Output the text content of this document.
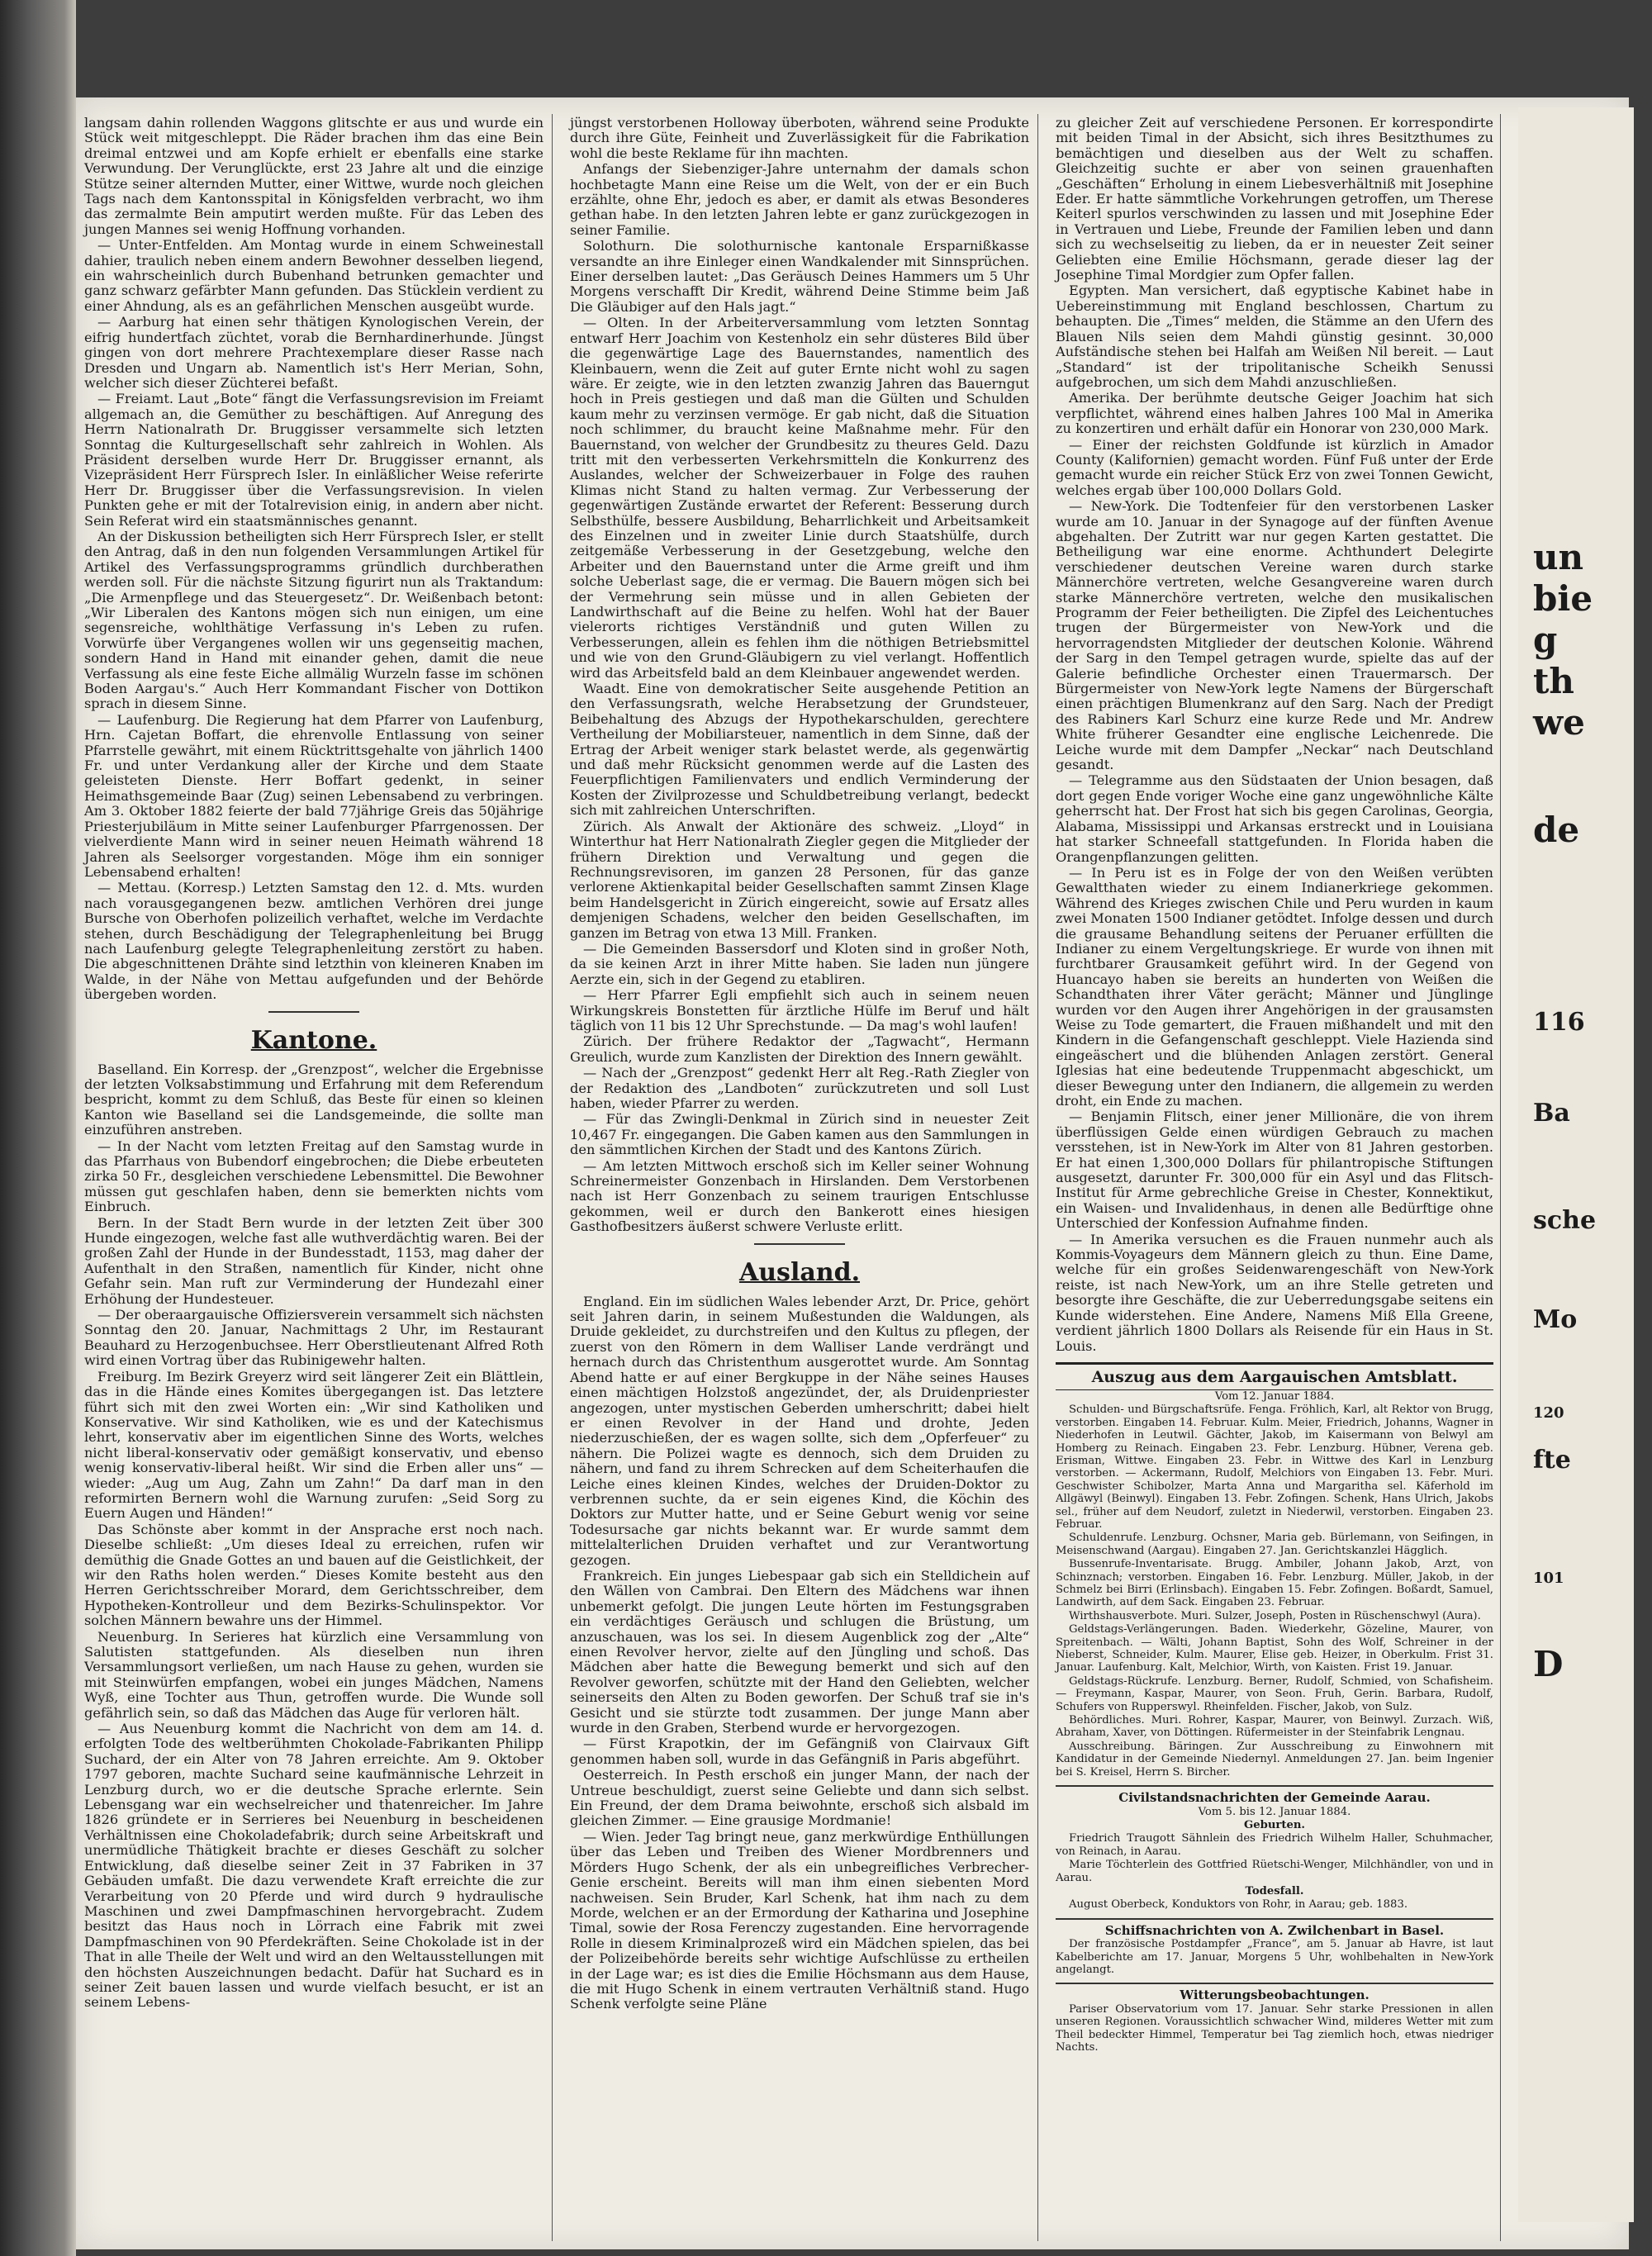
langsam dahin rollenden Waggons glitschte er aus und wurde ein Stück weit mitgeschleppt. Die Räder brachen ihm das eine Bein dreimal entzwei und am Kopfe erhielt er ebenfalls eine starke Verwundung. Der Verunglückte, erst 23 Jahre alt und die einzige Stütze seiner alternden Mutter, einer Wittwe, wurde noch gleichen Tags nach dem Kantonsspital in Königsfelden verbracht, wo ihm das zermalmte Bein amputirt werden mußte. Für das Leben des jungen Mannes sei wenig Hoffnung vorhanden.

— Unter-Entfelden. Am Montag wurde in einem Schweinestall dahier, traulich neben einem andern Bewohner desselben liegend, ein wahrscheinlich durch Bubenhand betrunken gemachter und ganz schwarz gefärbter Mann gefunden. Das Stücklein verdient zu einer Ahndung, als es an gefährlichen Menschen ausgeübt wurde.

— Aarburg hat einen sehr thätigen Kynologischen Verein, der eifrig hundertfach züchtet, vorab die Bernhardinerhunde. Jüngst gingen von dort mehrere Prachtexemplare dieser Rasse nach Dresden und Ungarn ab. Namentlich ist's Herr Merian, Sohn, welcher sich dieser Züchterei befaßt.

— Freiamt. Laut „Bote“ fängt die Verfassungsrevision im Freiamt allgemach an, die Gemüther zu beschäftigen. Auf Anregung des Herrn Nationalrath Dr. Bruggisser versammelte sich letzten Sonntag die Kulturgesellschaft sehr zahlreich in Wohlen. Als Präsident derselben wurde Herr Dr. Bruggisser ernannt, als Vizepräsident Herr Fürsprech Isler. In einläßlicher Weise referirte Herr Dr. Bruggisser über die Verfassungsrevision. In vielen Punkten gehe er mit der Totalrevision einig, in andern aber nicht. Sein Referat wird ein staatsmännisches genannt.

An der Diskussion betheiligten sich Herr Fürsprech Isler, er stellt den Antrag, daß in den nun folgenden Versammlungen Artikel für Artikel des Verfassungsprogramms gründlich durchberathen werden soll. Für die nächste Sitzung figurirt nun als Traktandum: „Die Armenpflege und das Steuergesetz“. Dr. Weißenbach betont: „Wir Liberalen des Kantons mögen sich nun einigen, um eine segensreiche, wohlthätige Verfassung in's Leben zu rufen. Vorwürfe über Vergangenes wollen wir uns gegenseitig machen, sondern Hand in Hand mit einander gehen, damit die neue Verfassung als eine feste Eiche allmälig Wurzeln fasse im schönen Boden Aargau's.“ Auch Herr Kommandant Fischer von Dottikon sprach in diesem Sinne.

— Laufenburg. Die Regierung hat dem Pfarrer von Laufenburg, Hrn. Cajetan Boffart, die ehrenvolle Entlassung von seiner Pfarrstelle gewährt, mit einem Rücktrittsgehalte von jährlich 1400 Fr. und unter Verdankung aller der Kirche und dem Staate geleisteten Dienste. Herr Boffart gedenkt, in seiner Heimathsgemeinde Baar (Zug) seinen Lebensabend zu verbringen. Am 3. Oktober 1882 feierte der bald 77jährige Greis das 50jährige Priesterjubiläum in Mitte seiner Laufenburger Pfarrgenossen. Der vielverdiente Mann wird in seiner neuen Heimath während 18 Jahren als Seelsorger vorgestanden. Möge ihm ein sonniger Lebensabend erhalten!

— Mettau. (Korresp.) Letzten Samstag den 12. d. Mts. wurden nach vorausgegangenen bezw. amtlichen Verhören drei junge Bursche von Oberhofen polizeilich verhaftet, welche im Verdachte stehen, durch Beschädigung der Telegraphenleitung bei Brugg nach Laufenburg gelegte Telegraphenleitung zerstört zu haben. Die abgeschnittenen Drähte sind letzthin von kleineren Knaben im Walde, in der Nähe von Mettau aufgefunden und der Behörde übergeben worden.

Kantone.

Baselland. Ein Korresp. der „Grenzpost“, welcher die Ergebnisse der letzten Volksabstimmung und Erfahrung mit dem Referendum bespricht, kommt zu dem Schluß, das Beste für einen so kleinen Kanton wie Baselland sei die Landsgemeinde, die sollte man einzuführen anstreben.

— In der Nacht vom letzten Freitag auf den Samstag wurde in das Pfarrhaus von Bubendorf eingebrochen; die Diebe erbeuteten zirka 50 Fr., desgleichen verschiedene Lebensmittel. Die Bewohner müssen gut geschlafen haben, denn sie bemerkten nichts vom Einbruch.

Bern. In der Stadt Bern wurde in der letzten Zeit über 300 Hunde eingezogen, welche fast alle wuthverdächtig waren. Bei der großen Zahl der Hunde in der Bundesstadt, 1153, mag daher der Aufenthalt in den Straßen, namentlich für Kinder, nicht ohne Gefahr sein. Man ruft zur Verminderung der Hundezahl einer Erhöhung der Hundesteuer.

— Der oberaargauische Offiziersverein versammelt sich nächsten Sonntag den 20. Januar, Nachmittags 2 Uhr, im Restaurant Beauhard zu Herzogenbuchsee. Herr Oberstlieutenant Alfred Roth wird einen Vortrag über das Rubinigewehr halten.

Freiburg. Im Bezirk Greyerz wird seit längerer Zeit ein Blättlein, das in die Hände eines Komites übergegangen ist. Das letztere führt sich mit den zwei Worten ein: „Wir sind Katholiken und Konservative. Wir sind Katholiken, wie es und der Katechismus lehrt, konservativ aber im eigentlichen Sinne des Worts, welches nicht liberal-konservativ oder gemäßigt konservativ, und ebenso wenig konservativ-liberal heißt. Wir sind die Erben aller uns“ — wieder: „Aug um Aug, Zahn um Zahn!“ Da darf man in den reformirten Bernern wohl die Warnung zurufen: „Seid Sorg zu Euern Augen und Händen!“

Das Schönste aber kommt in der Ansprache erst noch nach. Dieselbe schließt: „Um dieses Ideal zu erreichen, rufen wir demüthig die Gnade Gottes an und bauen auf die Geistlichkeit, der wir den Raths holen werden.“ Dieses Komite besteht aus den Herren Gerichtsschreiber Morard, dem Gerichtsschreiber, dem Hypotheken-Kontrolleur und dem Bezirks-Schulinspektor. Vor solchen Männern bewahre uns der Himmel.

Neuenburg. In Serieres hat kürzlich eine Versammlung von Salutisten stattgefunden. Als dieselben nun ihren Versammlungsort verließen, um nach Hause zu gehen, wurden sie mit Steinwürfen empfangen, wobei ein junges Mädchen, Namens Wyß, eine Tochter aus Thun, getroffen wurde. Die Wunde soll gefährlich sein, so daß das Mädchen das Auge für verloren hält.

— Aus Neuenburg kommt die Nachricht von dem am 14. d. erfolgten Tode des weltberühmten Chokolade-Fabrikanten Philipp Suchard, der ein Alter von 78 Jahren erreichte. Am 9. Oktober 1797 geboren, machte Suchard seine kaufmännische Lehrzeit in Lenzburg durch, wo er die deutsche Sprache erlernte. Sein Lebensgang war ein wechselreicher und thatenreicher. Im Jahre 1826 gründete er in Serrieres bei Neuenburg in bescheidenen Verhältnissen eine Chokoladefabrik; durch seine Arbeitskraft und unermüdliche Thätigkeit brachte er dieses Geschäft zu solcher Entwicklung, daß dieselbe seiner Zeit in 37 Fabriken in 37 Gebäuden umfaßt. Die dazu verwendete Kraft erreichte die zur Verarbeitung von 20 Pferde und wird durch 9 hydraulische Maschinen und zwei Dampfmaschinen hervorgebracht. Zudem besitzt das Haus noch in Lörrach eine Fabrik mit zwei Dampfmaschinen von 90 Pferdekräften. Seine Chokolade ist in der That in alle Theile der Welt und wird an den Weltausstellungen mit den höchsten Auszeichnungen bedacht. Dafür hat Suchard es in seiner Zeit bauen lassen und wurde vielfach besucht, er ist an seinem Lebens-

jüngst verstorbenen Holloway überboten, während seine Produkte durch ihre Güte, Feinheit und Zuverlässigkeit für die Fabrikation wohl die beste Reklame für ihn machten.

Anfangs der Siebenziger-Jahre unternahm der damals schon hochbetagte Mann eine Reise um die Welt, von der er ein Buch erzählte, ohne Ehr, jedoch es aber, er damit als etwas Besonderes gethan habe. In den letzten Jahren lebte er ganz zurückgezogen in seiner Familie.

Solothurn. Die solothurnische kantonale Ersparnißkasse versandte an ihre Einleger einen Wandkalender mit Sinnsprüchen. Einer derselben lautet: „Das Geräusch Deines Hammers um 5 Uhr Morgens verschafft Dir Kredit, während Deine Stimme beim Jaß Die Gläubiger auf den Hals jagt.“

— Olten. In der Arbeiterversammlung vom letzten Sonntag entwarf Herr Joachim von Kestenholz ein sehr düsteres Bild über die gegenwärtige Lage des Bauernstandes, namentlich des Kleinbauern, wenn die Zeit auf guter Ernte nicht wohl zu sagen wäre. Er zeigte, wie in den letzten zwanzig Jahren das Bauerngut hoch in Preis gestiegen und daß man die Gülten und Schulden kaum mehr zu verzinsen vermöge. Er gab nicht, daß die Situation noch schlimmer, du braucht keine Maßnahme mehr. Für den Bauernstand, von welcher der Grundbesitz zu theures Geld. Dazu tritt mit den verbesserten Verkehrsmitteln die Konkurrenz des Auslandes, welcher der Schweizerbauer in Folge des rauhen Klimas nicht Stand zu halten vermag. Zur Verbesserung der gegenwärtigen Zustände erwartet der Referent: Besserung durch Selbsthülfe, bessere Ausbildung, Beharrlichkeit und Arbeitsamkeit des Einzelnen und in zweiter Linie durch Staatshülfe, durch zeitgemäße Verbesserung in der Gesetzgebung, welche den Arbeiter und den Bauernstand unter die Arme greift und ihm solche Ueberlast sage, die er vermag. Die Bauern mögen sich bei der Vermehrung sein müsse und in allen Gebieten der Landwirthschaft auf die Beine zu helfen. Wohl hat der Bauer vielerorts richtiges Verständniß und guten Willen zu Verbesserungen, allein es fehlen ihm die nöthigen Betriebsmittel und wie von den Grund-Gläubigern zu viel verlangt. Hoffentlich wird das Arbeitsfeld bald an dem Kleinbauer angewendet werden.

Waadt. Eine von demokratischer Seite ausgehende Petition an den Verfassungsrath, welche Herabsetzung der Grundsteuer, Beibehaltung des Abzugs der Hypothekarschulden, gerechtere Vertheilung der Mobiliarsteuer, namentlich in dem Sinne, daß der Ertrag der Arbeit weniger stark belastet werde, als gegenwärtig und daß mehr Rücksicht genommen werde auf die Lasten des Feuerpflichtigen Familienvaters und endlich Verminderung der Kosten der Zivilprozesse und Schuldbetreibung verlangt, bedeckt sich mit zahlreichen Unterschriften.

Zürich. Als Anwalt der Aktionäre des schweiz. „Lloyd“ in Winterthur hat Herr Nationalrath Ziegler gegen die Mitglieder der frühern Direktion und Verwaltung und gegen die Rechnungsrevisoren, im ganzen 28 Personen, für das ganze verlorene Aktienkapital beider Gesellschaften sammt Zinsen Klage beim Handelsgericht in Zürich eingereicht, sowie auf Ersatz alles demjenigen Schadens, welcher den beiden Gesellschaften, im ganzen im Betrag von etwa 13 Mill. Franken.

— Die Gemeinden Bassersdorf und Kloten sind in großer Noth, da sie keinen Arzt in ihrer Mitte haben. Sie laden nun jüngere Aerzte ein, sich in der Gegend zu etabliren.

— Herr Pfarrer Egli empfiehlt sich auch in seinem neuen Wirkungskreis Bonstetten für ärztliche Hülfe im Beruf und hält täglich von 11 bis 12 Uhr Sprechstunde. — Da mag's wohl laufen!

Zürich. Der frühere Redaktor der „Tagwacht“, Hermann Greulich, wurde zum Kanzlisten der Direktion des Innern gewählt.

— Nach der „Grenzpost“ gedenkt Herr alt Reg.-Rath Ziegler von der Redaktion des „Landboten“ zurückzutreten und soll Lust haben, wieder Pfarrer zu werden.

— Für das Zwingli-Denkmal in Zürich sind in neuester Zeit 10,467 Fr. eingegangen. Die Gaben kamen aus den Sammlungen in den sämmtlichen Kirchen der Stadt und des Kantons Zürich.

— Am letzten Mittwoch erschoß sich im Keller seiner Wohnung Schreinermeister Gonzenbach in Hirslanden. Dem Verstorbenen nach ist Herr Gonzenbach zu seinem traurigen Entschlusse gekommen, weil er durch den Bankerott eines hiesigen Gasthofbesitzers äußerst schwere Verluste erlitt.

Ausland.

England. Ein im südlichen Wales lebender Arzt, Dr. Price, gehört seit Jahren darin, in seinem Mußestunden die Waldungen, als Druide gekleidet, zu durchstreifen und den Kultus zu pflegen, der zuerst von den Römern in dem Walliser Lande verdrängt und hernach durch das Christenthum ausgerottet wurde. Am Sonntag Abend hatte er auf einer Bergkuppe in der Nähe seines Hauses einen mächtigen Holzstoß angezündet, der, als Druidenpriester angezogen, unter mystischen Geberden umherschritt; dabei hielt er einen Revolver in der Hand und drohte, Jeden niederzuschießen, der es wagen sollte, sich dem „Opferfeuer“ zu nähern. Die Polizei wagte es dennoch, sich dem Druiden zu nähern, und fand zu ihrem Schrecken auf dem Scheiterhaufen die Leiche eines kleinen Kindes, welches der Druiden-Doktor zu verbrennen suchte, da er sein eigenes Kind, die Köchin des Doktors zur Mutter hatte, und er Seine Geburt wenig vor seine Todesursache gar nichts bekannt war. Er wurde sammt dem mittelalterlichen Druiden verhaftet und zur Verantwortung gezogen.

Frankreich. Ein junges Liebespaar gab sich ein Stelldichein auf den Wällen von Cambrai. Den Eltern des Mädchens war ihnen unbemerkt gefolgt. Die jungen Leute hörten im Festungsgraben ein verdächtiges Geräusch und schlugen die Brüstung, um anzuschauen, was los sei. In diesem Augenblick zog der „Alte“ einen Revolver hervor, zielte auf den Jüngling und schoß. Das Mädchen aber hatte die Bewegung bemerkt und sich auf den Revolver geworfen, schützte mit der Hand den Geliebten, welcher seinerseits den Alten zu Boden geworfen. Der Schuß traf sie in's Gesicht und sie stürzte todt zusammen. Der junge Mann aber wurde in den Graben, Sterbend wurde er hervorgezogen.

— Fürst Krapotkin, der im Gefängniß von Clairvaux Gift genommen haben soll, wurde in das Gefängniß in Paris abgeführt.

Oesterreich. In Pesth erschoß ein junger Mann, der nach der Untreue beschuldigt, zuerst seine Geliebte und dann sich selbst. Ein Freund, der dem Drama beiwohnte, erschoß sich alsbald im gleichen Zimmer. — Eine grausige Mordmanie!

— Wien. Jeder Tag bringt neue, ganz merkwürdige Enthüllungen über das Leben und Treiben des Wiener Mordbrenners und Mörders Hugo Schenk, der als ein unbegreifliches Verbrecher-Genie erscheint. Bereits will man ihm einen siebenten Mord nachweisen. Sein Bruder, Karl Schenk, hat ihm nach zu dem Morde, welchen er an der Ermordung der Katharina und Josephine Timal, sowie der Rosa Ferenczy zugestanden. Eine hervorragende Rolle in diesem Kriminalprozeß wird ein Mädchen spielen, das bei der Polizeibehörde bereits sehr wichtige Aufschlüsse zu ertheilen in der Lage war; es ist dies die Emilie Höchsmann aus dem Hause, die mit Hugo Schenk in einem vertrauten Verhältniß stand. Hugo Schenk verfolgte seine Pläne

zu gleicher Zeit auf verschiedene Personen. Er korrespondirte mit beiden Timal in der Absicht, sich ihres Besitzthumes zu bemächtigen und dieselben aus der Welt zu schaffen. Gleichzeitig suchte er aber von seinen grauenhaften „Geschäften“ Erholung in einem Liebesverhältniß mit Josephine Eder. Er hatte sämmtliche Vorkehrungen getroffen, um Therese Keiterl spurlos verschwinden zu lassen und mit Josephine Eder in Vertrauen und Liebe, Freunde der Familien leben und dann sich zu wechselseitig zu lieben, da er in neuester Zeit seiner Geliebten eine Emilie Höchsmann, gerade dieser lag der Josephine Timal Mordgier zum Opfer fallen.

Egypten. Man versichert, daß egyptische Kabinet habe in Uebereinstimmung mit England beschlossen, Chartum zu behaupten. Die „Times“ melden, die Stämme an den Ufern des Blauen Nils seien dem Mahdi günstig gesinnt. 30,000 Aufständische stehen bei Halfah am Weißen Nil bereit. — Laut „Standard“ ist der tripolitanische Scheikh Senussi aufgebrochen, um sich dem Mahdi anzuschließen.

Amerika. Der berühmte deutsche Geiger Joachim hat sich verpflichtet, während eines halben Jahres 100 Mal in Amerika zu konzertiren und erhält dafür ein Honorar von 230,000 Mark.

— Einer der reichsten Goldfunde ist kürzlich in Amador County (Kalifornien) gemacht worden. Fünf Fuß unter der Erde gemacht wurde ein reicher Stück Erz von zwei Tonnen Gewicht, welches ergab über 100,000 Dollars Gold.

— New-York. Die Todtenfeier für den verstorbenen Lasker wurde am 10. Januar in der Synagoge auf der fünften Avenue abgehalten. Der Zutritt war nur gegen Karten gestattet. Die Betheiligung war eine enorme. Achthundert Delegirte verschiedener deutschen Vereine waren durch starke Männerchöre vertreten, welche Gesangvereine waren durch starke Männerchöre vertreten, welche den musikalischen Programm der Feier betheiligten. Die Zipfel des Leichentuches trugen der Bürgermeister von New-York und die hervorragendsten Mitglieder der deutschen Kolonie. Während der Sarg in den Tempel getragen wurde, spielte das auf der Galerie befindliche Orchester einen Trauermarsch. Der Bürgermeister von New-York legte Namens der Bürgerschaft einen prächtigen Blumenkranz auf den Sarg. Nach der Predigt des Rabiners Karl Schurz eine kurze Rede und Mr. Andrew White früherer Gesandter eine englische Leichenrede. Die Leiche wurde mit dem Dampfer „Neckar“ nach Deutschland gesandt.

— Telegramme aus den Südstaaten der Union besagen, daß dort gegen Ende voriger Woche eine ganz ungewöhnliche Kälte geherrscht hat. Der Frost hat sich bis gegen Carolinas, Georgia, Alabama, Mississippi und Arkansas erstreckt und in Louisiana hat starker Schneefall stattgefunden. In Florida haben die Orangenpflanzungen gelitten.

— In Peru ist es in Folge der von den Weißen verübten Gewaltthaten wieder zu einem Indianerkriege gekommen. Während des Krieges zwischen Chile und Peru wurden in kaum zwei Monaten 1500 Indianer getödtet. Infolge dessen und durch die grausame Behandlung seitens der Peruaner erfüllten die Indianer zu einem Vergeltungskriege. Er wurde von ihnen mit furchtbarer Grausamkeit geführt wird. In der Gegend von Huancayo haben sie bereits an hunderten von Weißen die Schandthaten ihrer Väter gerächt; Männer und Jünglinge wurden vor den Augen ihrer Angehörigen in der grausamsten Weise zu Tode gemartert, die Frauen mißhandelt und mit den Kindern in die Gefangenschaft geschleppt. Viele Hazienda sind eingeäschert und die blühenden Anlagen zerstört. General Iglesias hat eine bedeutende Truppenmacht abgeschickt, um dieser Bewegung unter den Indianern, die allgemein zu werden droht, ein Ende zu machen.

— Benjamin Flitsch, einer jener Millionäre, die von ihrem überflüssigen Gelde einen würdigen Gebrauch zu machen versstehen, ist in New-York im Alter von 81 Jahren gestorben. Er hat einen 1,300,000 Dollars für philantropische Stiftungen ausgesetzt, darunter Fr. 300,000 für ein Asyl und das Flitsch-Institut für Arme gebrechliche Greise in Chester, Konnektikut, ein Waisen- und Invalidenhaus, in denen alle Bedürftige ohne Unterschied der Konfession Aufnahme finden.

— In Amerika versuchen es die Frauen nunmehr auch als Kommis-Voyageurs dem Männern gleich zu thun. Eine Dame, welche für ein großes Seidenwarengeschäft von New-York reiste, ist nach New-York, um an ihre Stelle getreten und besorgte ihre Geschäfte, die zur Ueberredungsgabe seitens ein Kunde widerstehen. Eine Andere, Namens Miß Ella Greene, verdient jährlich 1800 Dollars als Reisende für ein Haus in St. Louis.

Auszug aus dem Aargauischen Amtsblatt.

Vom 12. Januar 1884.

Schulden- und Bürgschaftsrüfe. Fenga. Fröhlich, Karl, alt Rektor von Brugg, verstorben. Eingaben 14. Februar. Kulm. Meier, Friedrich, Johanns, Wagner in Niederhofen in Leutwil. Gächter, Jakob, im Kaisermann von Belwyl am Homberg zu Reinach. Eingaben 23. Febr. Lenzburg. Hübner, Verena geb. Erisman, Wittwe. Eingaben 23. Febr. in Wittwe des Karl in Lenzburg verstorben. — Ackermann, Rudolf, Melchiors von Eingaben 13. Febr. Muri. Geschwister Schibolzer, Marta Anna und Margaritha sel. Käferhold im Allgäwyl (Beinwyl). Eingaben 13. Febr. Zofingen. Schenk, Hans Ulrich, Jakobs sel., früher auf dem Neudorf, zuletzt in Niederwil, verstorben. Eingaben 23. Februar.

Schuldenrufe. Lenzburg. Ochsner, Maria geb. Bürlemann, von Seifingen, in Meisenschwand (Aargau). Eingaben 27. Jan. Gerichtskanzlei Hägglich.

Bussenrufe-Inventarisate. Brugg. Ambiler, Johann Jakob, Arzt, von Schinznach; verstorben. Eingaben 16. Febr. Lenzburg. Müller, Jakob, in der Schmelz bei Birri (Erlinsbach). Eingaben 15. Febr. Zofingen. Boßardt, Samuel, Landwirth, auf dem Sack. Eingaben 23. Februar.

Wirthshausverbote. Muri. Sulzer, Joseph, Posten in Rüschenschwyl (Aura).

Geldstags-Verlängerungen. Baden. Wiederkehr, Gözeline, Maurer, von Spreitenbach. — Wälti, Johann Baptist, Sohn des Wolf, Schreiner in der Nieberst, Schneider, Kulm. Maurer, Elise geb. Heizer, in Oberkulm. Frist 31. Januar. Laufenburg. Kalt, Melchior, Wirth, von Kaisten. Frist 19. Januar.

Geldstags-Rückrufe. Lenzburg. Berner, Rudolf, Schmied, von Schafisheim. — Freymann, Kaspar, Maurer, von Seon. Fruh, Gerin. Barbara, Rudolf, Schufers von Rupperswyl. Rheinfelden. Fischer, Jakob, von Sulz.

Behördliches. Muri. Rohrer, Kaspar, Maurer, von Beinwyl. Zurzach. Wiß, Abraham, Xaver, von Döttingen. Rüfermeister in der Steinfabrik Lengnau.

Ausschreibung. Bäringen. Zur Ausschreibung zu Einwohnern mit Kandidatur in der Gemeinde Niedernyl. Anmeldungen 27. Jan. beim Ingenier bei S. Kreisel, Herrn S. Bircher.

Civilstandsnachrichten der Gemeinde Aarau.

Vom 5. bis 12. Januar 1884.

Geburten.

Friedrich Traugott Sähnlein des Friedrich Wilhelm Haller, Schuhmacher, von Reinach, in Aarau.

Marie Töchterlein des Gottfried Rüetschi-Wenger, Milchhändler, von und in Aarau.

Todesfall.

August Oberbeck, Konduktors von Rohr, in Aarau; geb. 1883.

Schiffsnachrichten von A. Zwilchenbart in Basel.

Der französische Postdampfer „France“, am 5. Januar ab Havre, ist laut Kabelberichte am 17. Januar, Morgens 5 Uhr, wohlbehalten in New-York angelangt.

Witterungsbeobachtungen.

Pariser Observatorium vom 17. Januar. Sehr starke Pressionen in allen unseren Regionen. Voraussichtlich schwacher Wind, milderes Wetter mit zum Theil bedeckter Himmel, Temperatur bei Tag ziemlich hoch, etwas niedriger Nachts.

un
bie
g
th
we
de
116
Ba
sche
Mo
120
fte
101
D
